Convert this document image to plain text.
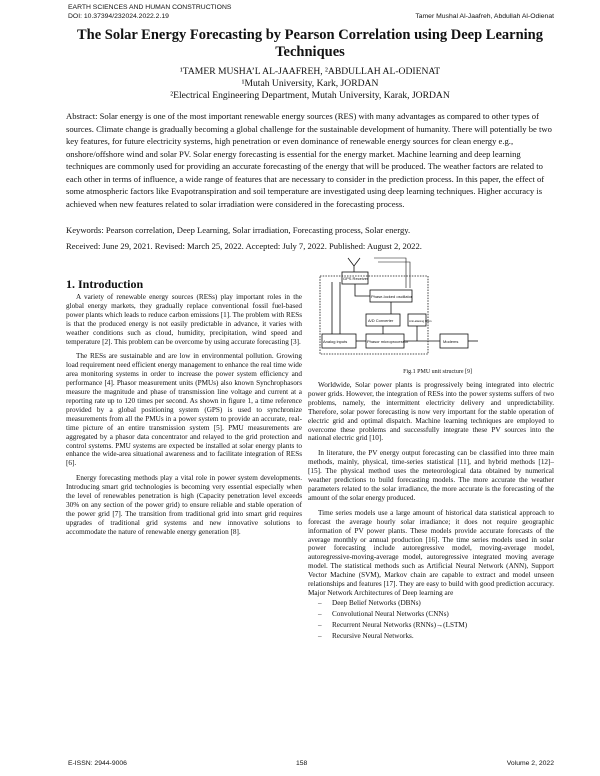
EARTH SCIENCES AND HUMAN CONSTRUCTIONS
DOI: 10.37394/232024.2022.2.19	Tamer Mushal Al-Jaafreh, Abdullah Al-Odienat
The Solar Energy Forecasting by Pearson Correlation using Deep Learning Techniques
¹TAMER MUSHA’L AL-JAAFREH, ²ABDULLAH AL-ODIENAT
¹Mutah University, Kark, JORDAN
²Electrical Engineering Department, Mutah University, Karak, JORDAN

Abstract: Solar energy is one of the most important renewable energy sources (RES) with many advantages as compared to other types of sources. Climate change is gradually becoming a global challenge for the sustainable development of humanity. There will potentially be two key features, for future electricity systems, high penetration or even dominance of renewable energy sources for clean energy e.g., onshore/offshore wind and solar PV. Solar energy forecasting is essential for the energy market. Machine learning and deep learning techniques are commonly used for providing an accurate forecasting of the energy that will be produced. The weather factors are related to each other in terms of influence, a wide range of features that are necessary to consider in the prediction process. In this paper, the effect of some atmospheric factors like Evapotranspiration and soil temperature are investigated using deep learning techniques. Higher accuracy is achieved when new features related to solar irradiation were considered in the forecasting process.

Keywords: Pearson correlation, Deep Learning, Solar irradiation, Forecasting process, Solar energy.

Received: June 29, 2021. Revised: March 25, 2022. Accepted: July 7, 2022. Published: August 2, 2022.

1. Introduction

A variety of renewable energy sources (RESs) play important roles in the global energy markets, they gradually replace conventional fossil fuel-based power plants which leads to reduce carbon emissions [1]. The problem with RESs is that the produced energy is not easily predictable in advance, it varies with weather conditions such as cloud, humidity, precipitation, wind speed and temperature [2]. This problem can be overcome by using accurate forecasting [3].

The RESs are sustainable and are low in environmental pollution. Growing load requirement need efficient energy management to enhance the real time wide area monitoring systems in order to increase the power system efficiency and performance [4]. Phasor measurement units (PMUs) also known Synchrophasors measure the magnitude and phase of transmission line voltage and current at a reporting rate up to 120 times per second. As shown in figure 1, a time reference provided by a global positioning system (GPS) is used to synchronize measurements from all the PMUs in a power system to provide an accurate, real-time picture of an entire transmission system [5]. PMU measurements are aggregated by a phasor data concentrator and relayed to the grid protection and control systems. PMU systems are expected be installed at solar energy plants to enhance the wide-area situational awareness and to facilitate integration of RESs [6].

Energy forecasting methods play a vital role in power system developments. Introducing smart grid technologies is becoming very essential especially when the level of renewables penetration is high (Capacity penetration level exceeds 30% on any section of the power grid) to ensure reliable and stable operation of the power grid [7]. The transition from traditional grid into smart grid requires upgrades of traditional grid systems and new innovative solutions to accommodate the nature of renewable energy generation [8].

GPS Receiver
Phase-locked oscillator
A/D Converter
Phasor microprocessor	Modems
Analog inputs
Anti-aliasing filters
Fig.1 PMU unit structure [9]

Worldwide, Solar power plants is progressively being integrated into electric power grids. However, the integration of RESs into the power systems suffers of two problems, namely, the intermittent electricity delivery and unpredictability. Therefore, solar power forecasting is now very important for the stable operation of electric grid and optimal dispatch. Machine learning techniques are employed to overcome these problems and successfully integrate these PV sources into the national electric grid [10].

In literature, the PV energy output forecasting can be classified into three main methods, mainly, physical, time-series statistical [11], and hybrid methods [12]– [15]. The physical method uses the meteorological data obtained by numerical weather predictions to build forecasting models. The more accurate the weather parameters related to the solar irradiance, the more accurate is the forecasting of the amount of the solar energy produced.

Time series models use a large amount of historical data statistical approach to forecast the average hourly solar irradiance; it does not require geographic information of PV power plants. These models provide accurate forecasts of the average monthly or annual production [16]. The time series models used in solar power forecasting include autoregressive model, moving-average model, autoregressive-moving-average model, autoregressive integrated moving average model. The statistical methods such as Artificial Neural Network (ANN), Support Vector Machine (SVM), Markov chain are capable to extract and model unseen relationships and features [17]. They are easy to build with good prediction accuracy. Major Network Architectures of Deep learning are

– Deep Belief Networks (DBNs)
– Convolutional Neural Networks (CNNs)
– Recurrent Neural Networks (RNNs)→(LSTM)
– Recursive Neural Networks.
E-ISSN: 2944-9006	158	Volume 2, 2022
